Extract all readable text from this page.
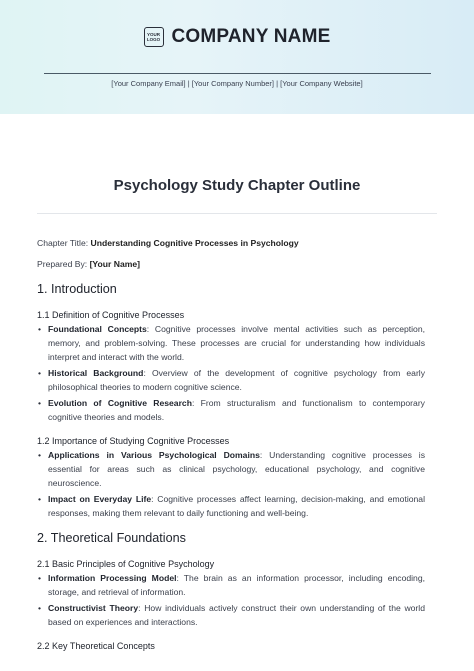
YOUR
LOGO COMPANY NAME
[Your Company Email] | [Your Company Number] | [Your Company Website]
Psychology Study Chapter Outline
Chapter Title: Understanding Cognitive Processes in Psychology
Prepared By: [Your Name]
1. Introduction
1.1 Definition of Cognitive Processes
• Foundational Concepts: Cognitive processes involve mental activities such as perception, memory, and problem-solving. These processes are crucial for understanding how individuals interpret and interact with the world.
• Historical Background: Overview of the development of cognitive psychology from early philosophical theories to modern cognitive science.
• Evolution of Cognitive Research: From structuralism and functionalism to contemporary cognitive theories and models.
1.2 Importance of Studying Cognitive Processes
• Applications in Various Psychological Domains: Understanding cognitive processes is essential for areas such as clinical psychology, educational psychology, and cognitive neuroscience.
• Impact on Everyday Life: Cognitive processes affect learning, decision-making, and emotional responses, making them relevant to daily functioning and well-being.
2. Theoretical Foundations
2.1 Basic Principles of Cognitive Psychology
• Information Processing Model: The brain as an information processor, including encoding, storage, and retrieval of information.
• Constructivist Theory: How individuals actively construct their own understanding of the world based on experiences and interactions.
2.2 Key Theoretical Concepts
